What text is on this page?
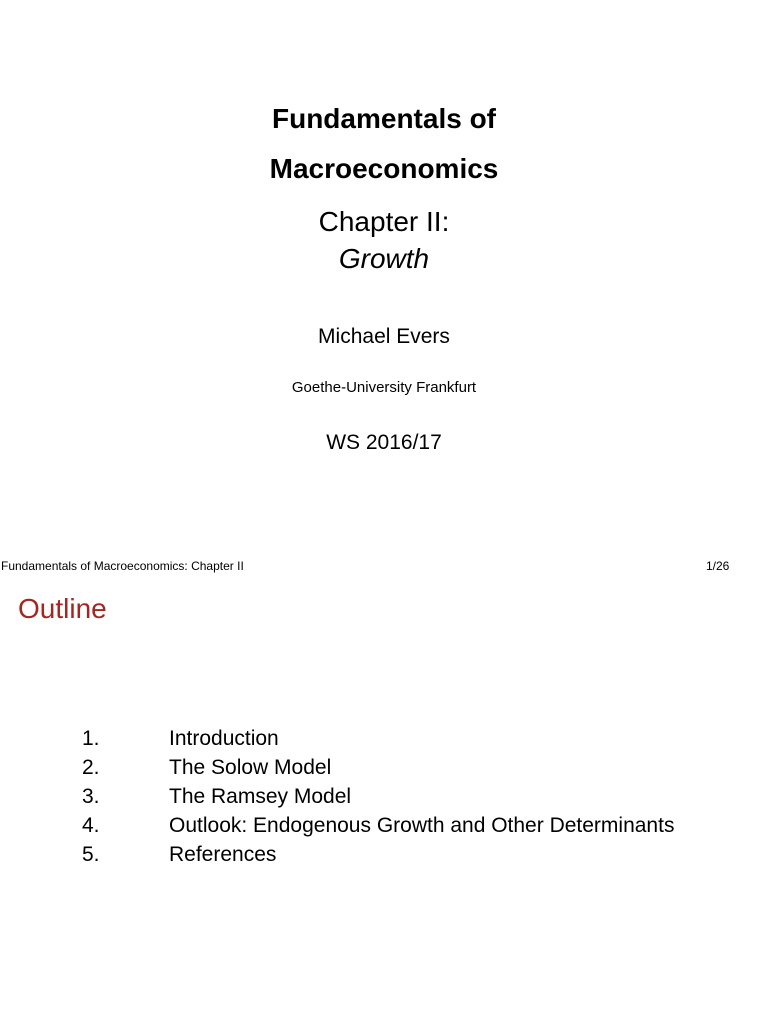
Fundamentals of
Macroeconomics
Chapter II:
Growth
Michael Evers
Goethe-University Frankfurt
WS 2016/17
Fundamentals of Macroeconomics: Chapter II	1/26
Outline
1.	Introduction
2.	The Solow Model
3.	The Ramsey Model
4.	Outlook: Endogenous Growth and Other Determinants
5.	References
